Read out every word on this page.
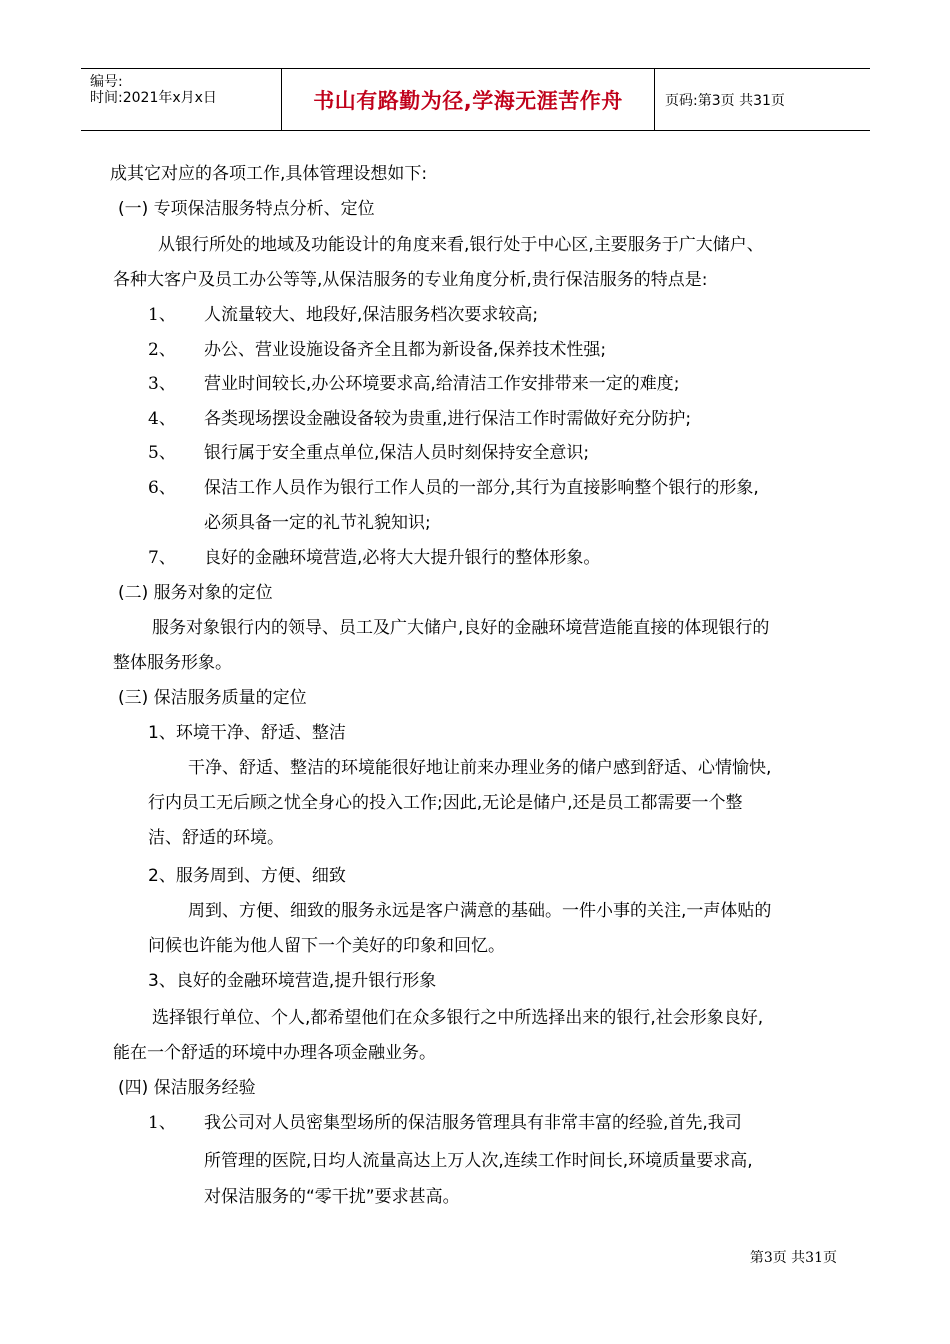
编号:
时间:2021年x月x日	书山有路勤为径,学海无涯苦作舟	页码:第3页 共31页
成其它对应的各项工作,具体管理设想如下:
(一) 专项保洁服务特点分析、定位
从银行所处的地域及功能设计的角度来看,银行处于中心区,主要服务于广大储户、
各种大客户及员工办公等等,从保洁服务的专业角度分析,贵行保洁服务的特点是:
1、 人流量较大、地段好,保洁服务档次要求较高;
2、 办公、营业设施设备齐全且都为新设备,保养技术性强;
3、 营业时间较长,办公环境要求高,给清洁工作安排带来一定的难度;
4、 各类现场摆设金融设备较为贵重,进行保洁工作时需做好充分防护;
5、 银行属于安全重点单位,保洁人员时刻保持安全意识;
6、 保洁工作人员作为银行工作人员的一部分,其行为直接影响整个银行的形象,
必须具备一定的礼节礼貌知识;
7、 良好的金融环境营造,必将大大提升银行的整体形象。
(二) 服务对象的定位
服务对象银行内的领导、员工及广大储户,良好的金融环境营造能直接的体现银行的
整体服务形象。
(三) 保洁服务质量的定位
1、环境干净、舒适、整洁
干净、舒适、整洁的环境能很好地让前来办理业务的储户感到舒适、心情愉快,
行内员工无后顾之忧全身心的投入工作;因此,无论是储户,还是员工都需要一个整
洁、舒适的环境。
2、服务周到、方便、细致
周到、方便、细致的服务永远是客户满意的基础。一件小事的关注,一声体贴的
问候也许能为他人留下一个美好的印象和回忆。
3、良好的金融环境营造,提升银行形象
选择银行单位、个人,都希望他们在众多银行之中所选择出来的银行,社会形象良好,
能在一个舒适的环境中办理各项金融业务。
(四) 保洁服务经验
1、 我公司对人员密集型场所的保洁服务管理具有非常丰富的经验,首先,我司
所管理的医院,日均人流量高达上万人次,连续工作时间长,环境质量要求高,
对保洁服务的“零干扰”要求甚高。
第3页 共31页
